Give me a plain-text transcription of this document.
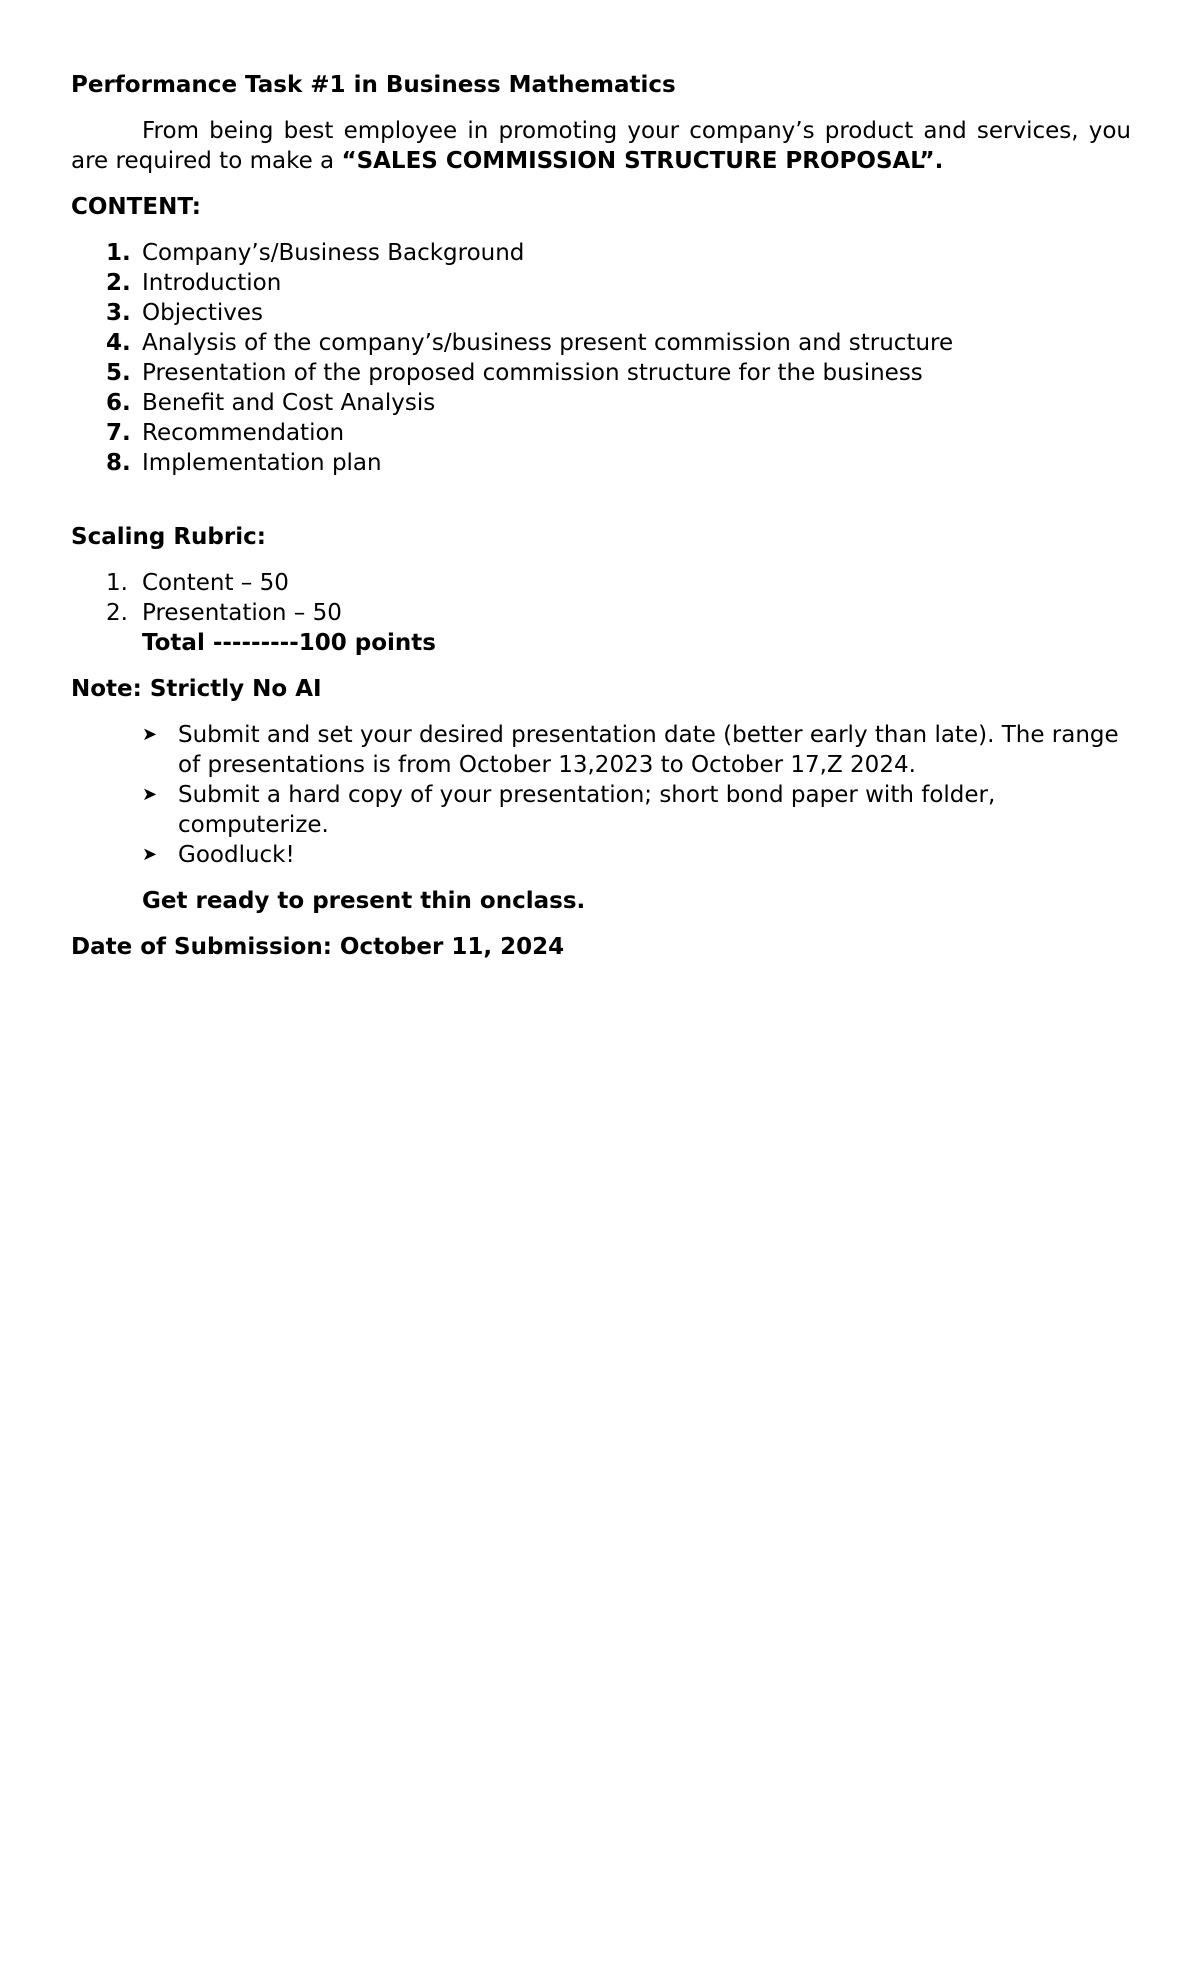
Performance Task #1 in Business Mathematics

From being best employee in promoting your company’s product and services, you are required to make a “SALES COMMISSION STRUCTURE PROPOSAL”.

CONTENT:
1. Company’s/Business Background
2. Introduction
3. Objectives
4. Analysis of the company’s/business present commission and structure
5. Presentation of the proposed commission structure for the business
6. Benefit and Cost Analysis
7. Recommendation
8. Implementation plan
Scaling Rubric:
1. Content – 50
2. Presentation – 50
Total ---------100 points
Note: Strictly No AI
➤ Submit and set your desired presentation date (better early than late). The range of presentations is from October 13,2023 to October 17,Z 2024.
➤ Submit a hard copy of your presentation; short bond paper with folder, computerize.
➤ Goodluck!
Get ready to present thin onclass.
Date of Submission: October 11, 2024
